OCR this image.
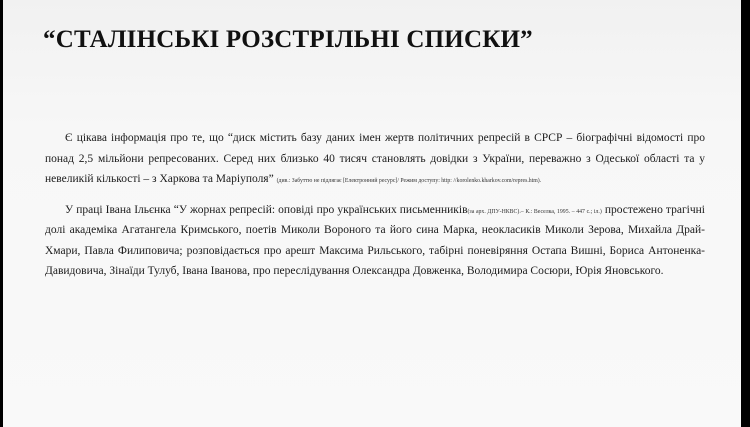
“СТАЛІНСЬКІ РОЗСТРІЛЬНІ СПИСКИ”

Є цікава інформація про те, що “диск містить базу даних імен жертв політичних репресій в СРСР – біографічні відомості про понад 2,5 мільйони репресованих. Серед них близько 40 тисяч становлять довідки з України, переважно з Одеської області та у невеликій кількості – з Харкова та Маріуполя” (див.: Забуттю не підлягає [Електронний ресурс]/ Режим доступу: http: //korolenko.kharkov.com/repres.htm).

У праці Івана Ільєнка “У жорнах репресій: оповіді про українських письменників(за арх. ДПУ-НКВС).– К.: Веселка, 1995. – 447 с.; іл.) простежено трагічні долі академіка Агатангела Кримського, поетів Миколи Вороного та його сина Марка, неокласиків Миколи Зерова, Михайла Драй-Хмари, Павла Филиповича; розповідається про арешт Максима Рильського, табірні поневіряння Остапа Вишні, Бориса Антоненка-Давидовича, Зінаїди Тулуб, Івана Іванова, про переслідування Олександра Довженка, Володимира Сосюри, Юрія Яновського.
